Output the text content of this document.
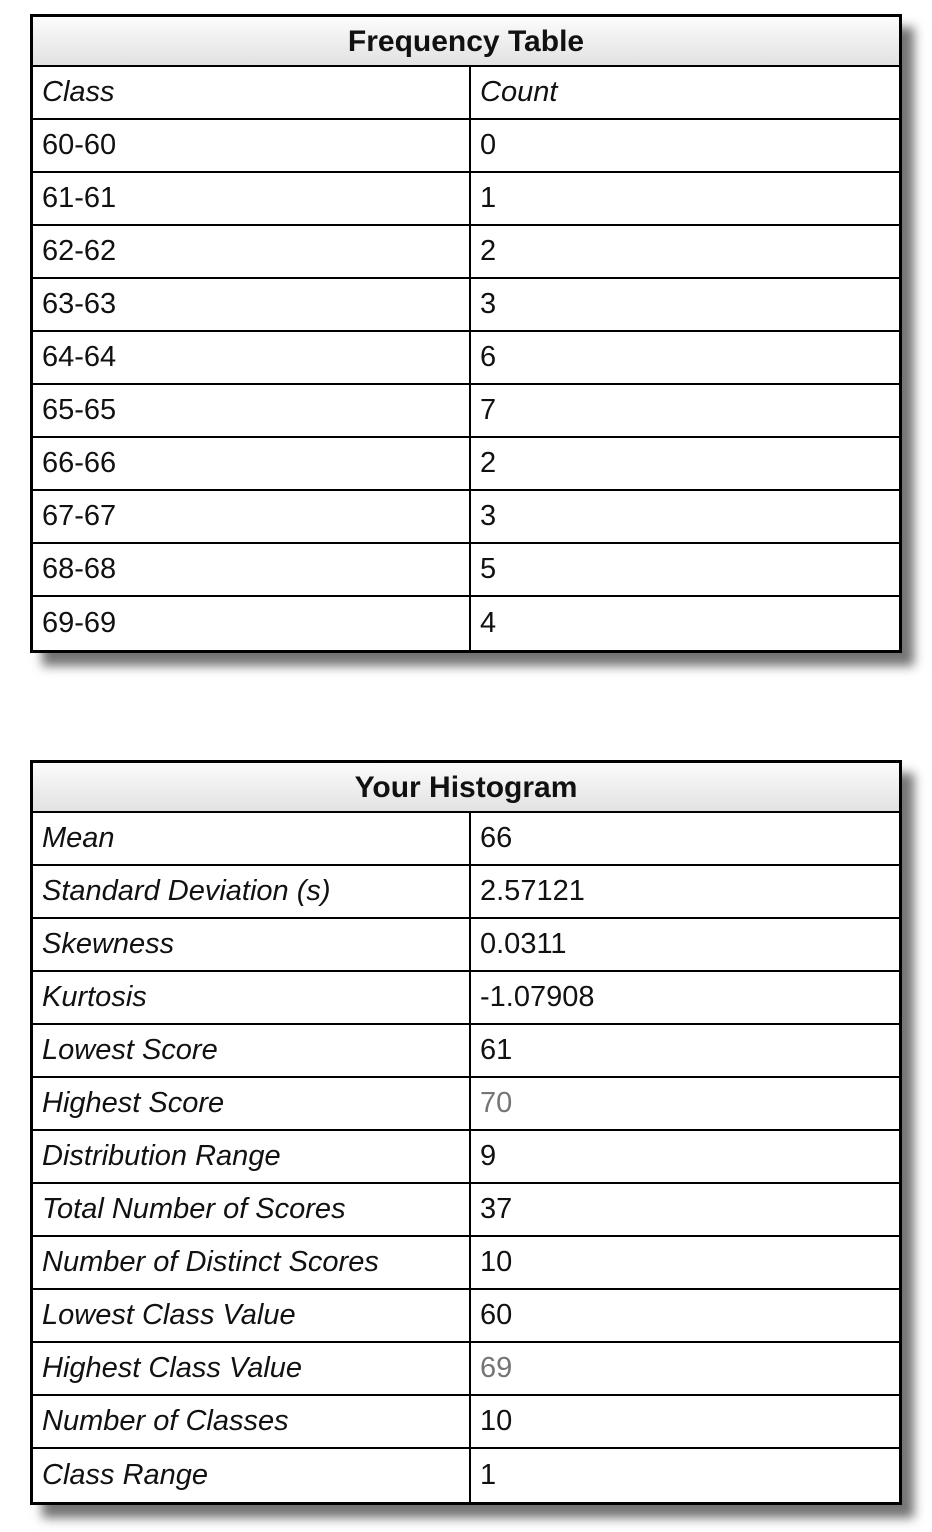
Frequency Table
Class	Count
60-60	0
61-61	1
62-62	2
63-63	3
64-64	6
65-65	7
66-66	2
67-67	3
68-68	5
69-69	4
Your Histogram
Mean	66
Standard Deviation (s)	2.57121
Skewness	0.0311
Kurtosis	-1.07908
Lowest Score	61
Highest Score	70
Distribution Range	9
Total Number of Scores	37
Number of Distinct Scores	10
Lowest Class Value	60
Highest Class Value	69
Number of Classes	10
Class Range	1
